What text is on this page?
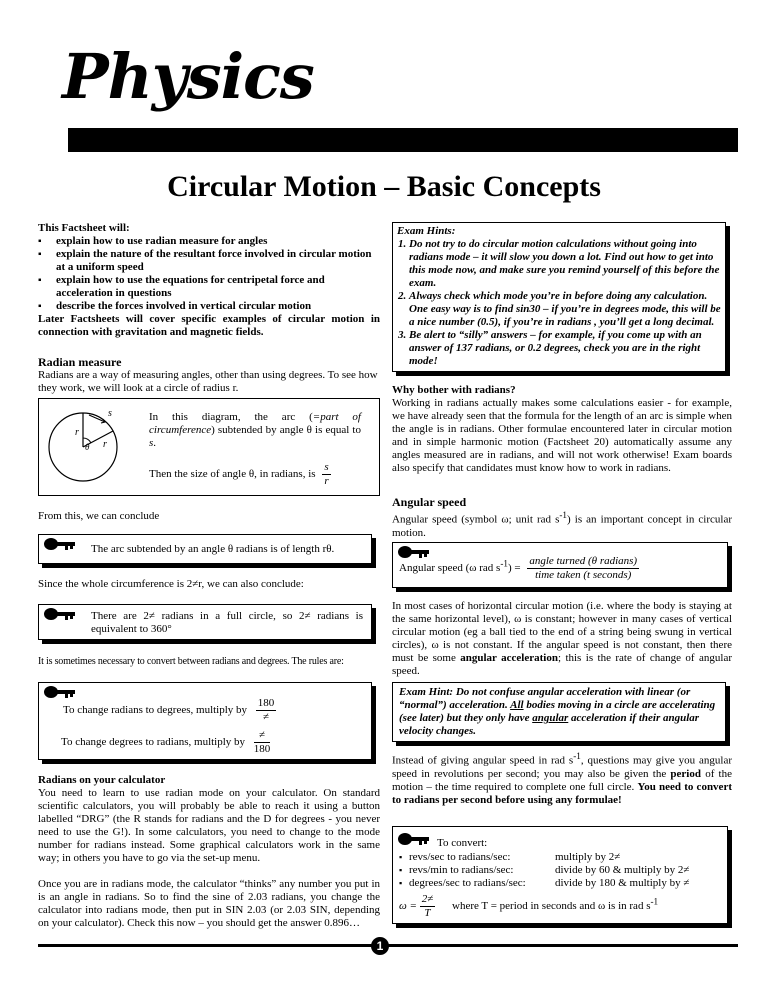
Physics
Circular Motion – Basic Concepts
This Factsheet will:
▪ explain how to use radian measure for angles
▪ explain the nature of the resultant force involved in circular motion at a uniform speed
▪ explain how to use the equations for centripetal force and acceleration in questions
▪ describe the forces involved in vertical circular motion

Later Factsheets will cover specific examples of circular motion in connection with gravitation and magnetic fields.

Radian measure

Radians are a way of measuring angles, other than using degrees. To see how they work, we will look at a circle of radius r.

s
r
r
θ

In this diagram, the arc (=part of circumference) subtended by angle θ is equal to s.

Then the size of angle θ, in radians, is $\frac{s}{r}$
From this, we can conclude
The arc subtended by an angle θ radians is of length rθ.
Since the whole circumference is 2≠r, we can also conclude:

There are 2≠ radians in a full circle, so 2≠ radians is equivalent to 360°

It is sometimes necessary to convert between radians and degrees. The rules are:
To change radians to degrees, multiply by $\frac{180}{\ne}$
To change degrees to radians, multiply by $\frac{\ne}{180}$
Radians on your calculator

You need to learn to use radian mode on your calculator. On standard scientific calculators, you will probably be able to reach it using a button labelled “DRG” (the R stands for radians and the D for degrees - you never need to use the G!). In some calculators, you need to change to the mode number for radians instead. Some graphical calculators work in the same way; in others you have to go via the set-up menu.

Once you are in radians mode, the calculator “thinks” any number you put in is an angle in radians. So to find the sine of 2.03 radians, you change the calculator into radians mode, then put in SIN 2.03 (or 2.03 SIN, depending on your calculator). Check this now – you should get the answer 0.896…

Exam Hints:
1. Do not try to do circular motion calculations without going into radians mode – it will slow you down a lot. Find out how to get into this mode now, and make sure you remind yourself of this before the exam.
2. Always check which mode you’re in before doing any calculation. One easy way is to find sin30 – if you’re in degrees mode, this will be a nice number (0.5), if you’re in radians , you’ll get a long decimal.
3. Be alert to “silly” answers – for example, if you come up with an answer of 137 radians, or 0.2 degrees, check you are in the right mode!
Why bother with radians?

Working in radians actually makes some calculations easier - for example, we have already seen that the formula for the length of an arc is simple when the angle is in radians. Other formulae encountered later in circular motion and in simple harmonic motion (Factsheet 20) automatically assume any angles measured are in radians, and will not work otherwise! Exam boards also specify that candidates must know how to work in radians.

Angular speed

Angular speed (symbol ω; unit rad $s^{-1}$) is an important concept in circular motion.

Angular speed (ω rad $s^{-1}) = \frac{\text{angle turned (θ radians)}}{\text{time taken (t seconds)}}$

In most cases of horizontal circular motion (i.e. where the body is staying at the same horizontal level), ω is constant; however in many cases of vertical circular motion (eg a ball tied to the end of a string being swung in vertical circles), ω is not constant. If the angular speed is not constant, then there must be some angular acceleration; this is the rate of change of angular speed.

Exam Hint: Do not confuse angular acceleration with linear (or “normal”) acceleration. All bodies moving in a circle are accelerating (see later) but they only have angular acceleration if their angular velocity changes.

Instead of giving angular speed in rad $s^{-1}$, questions may give you angular speed in revolutions per second; you may also be given the period of the motion – the time required to complete one full circle. You need to convert to radians per second before using any formulae!

To convert:
▪ revs/sec to radians/sec:	multiply by 2≠
▪ revs/min to radians/sec:	divide by 60 & multiply by 2≠
▪ degrees/sec to radians/sec:	divide by 180 & multiply by ≠
$\omega = \frac{2\ne}{T}$ where T = period in seconds and ω is in rad $s^{-1}$
1
